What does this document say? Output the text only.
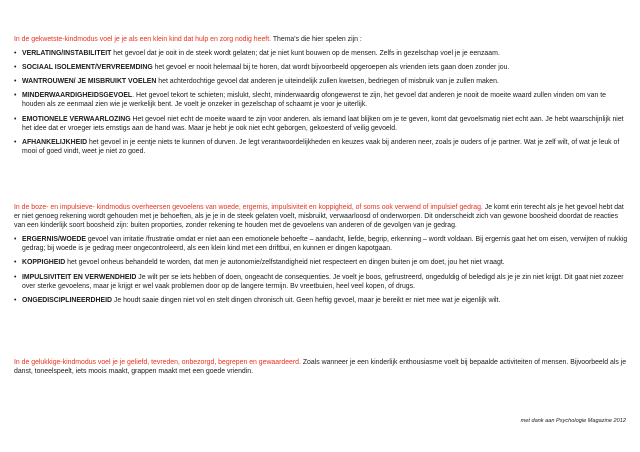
In de gekwetste-kindmodus voel je je als een klein kind dat hulp en zorg nodig heeft. Thema's die hier spelen zijn :

• VERLATING/INSTABILITEIT het gevoel dat je ooit in de steek wordt gelaten; dat je niet kunt bouwen op de mensen. Zelfs in gezelschap voel je je eenzaam.
• SOCIAAL ISOLEMENT/VERVREEMDING het gevoel er nooit helemaal bij te horen, dat wordt bijvoorbeeld opgeroepen als vrienden iets gaan doen zonder jou.
• WANTROUWEN/ JE MISBRUIKT VOELEN het achterdochtige gevoel dat anderen je uiteindelijk zullen kwetsen, bedriegen of misbruik van je zullen maken.
• MINDERWAARDIGHEIDSGEVOEL. Het gevoel tekort te schieten; mislukt, slecht, minderwaardig ofongewenst te zijn, het gevoel dat anderen je nooit de moeite waard zullen vinden om van te houden als ze eenmaal zien wie je werkelijk bent. Je voelt je onzeker in gezelschap of schaamt je voor je uiterlijk.
• EMOTIONELE VERWAARLOZING Het gevoel niet echt de moeite waard te zijn voor anderen. als iemand laat blijken om je te geven, komt dat gevoelsmatig niet echt aan. Je hebt waarschijnlijk niet het idee dat er vroeger iets ernstigs aan de hand was. Maar je hebt je ook niet echt geborgen, gekoesterd of veilig gevoeld.
• AFHANKELIJKHEID het gevoel in je eentje niets te kunnen of durven. Je legt verantwoordelijkheden en keuzes vaak bij anderen neer, zoals je ouders of je partner. Wat je zelf wilt, of wat je leuk of mooi of goed vindt, weet je niet zo goed.

In de boze- en impulsieve- kindmodus overheersen gevoelens van woede, ergernis, impulsiviteit en koppigheid, of soms ook verwend of impulsief gedrag. Je komt erin terecht als je het gevoel hebt dat er niet genoeg rekening wordt gehouden met je behoeften, als je je in de steek gelaten voelt, misbruikt, verwaarloosd of onderworpen. Dit onderscheidt zich van gewone boosheid doordat de reacties van een kinderlijk soort boosheid zijn: buiten proporties, zonder rekening te houden met de gevoelens van anderen of de gevolgen van je gedrag.

• ERGERNIS/WOEDE gevoel van irritatie /frustratie omdat er niet aan een emotionele behoefte – aandacht, liefde, begrip, erkenning – wordt voldaan. Bij ergernis gaat het om eisen, verwijten of nukkig gedrag; bij woede is je gedrag meer ongecontroleerd, als een klein kind met een driftbui, en kunnen er dingen kapotgaan.
• KOPPIGHEID het gevoel onheus behandeld te worden, dat men je autonomie/zelfstandigheid niet respecteert en dingen buiten je om doet, jou het niet vraagt.
• IMPULSIVITEIT EN VERWENDHEID Je wilt per se iets hebben of doen, ongeacht de consequenties. Je voelt je boos, gefrustreerd, ongeduldig of beledigd als je je zin niet krijgt. Dit gaat niet zozeer over sterke gevoelens, maar je krijgt er wel vaak problemen door op de langere termijn. Bv vreetbuien, heel veel kopen, of drugs.
• ONGEDISCIPLINEERDHEID Je houdt saaie dingen niet vol en stelt dingen chronisch uit. Geen heftig gevoel, maar je bereikt er niet mee wat je eigenlijk wilt.

In de gelukkige-kindmodus voel je je geliefd, tevreden, onbezorgd, begrepen en gewaardeerd. Zoals wanneer je een kinderlijk enthousiasme voelt bij bepaalde activiteiten of mensen. Bijvoorbeeld als je danst, toneelspeelt, iets moois maakt, grappen maakt met een goede vriendin.

met dank aan Psychologie Magazine 2012
